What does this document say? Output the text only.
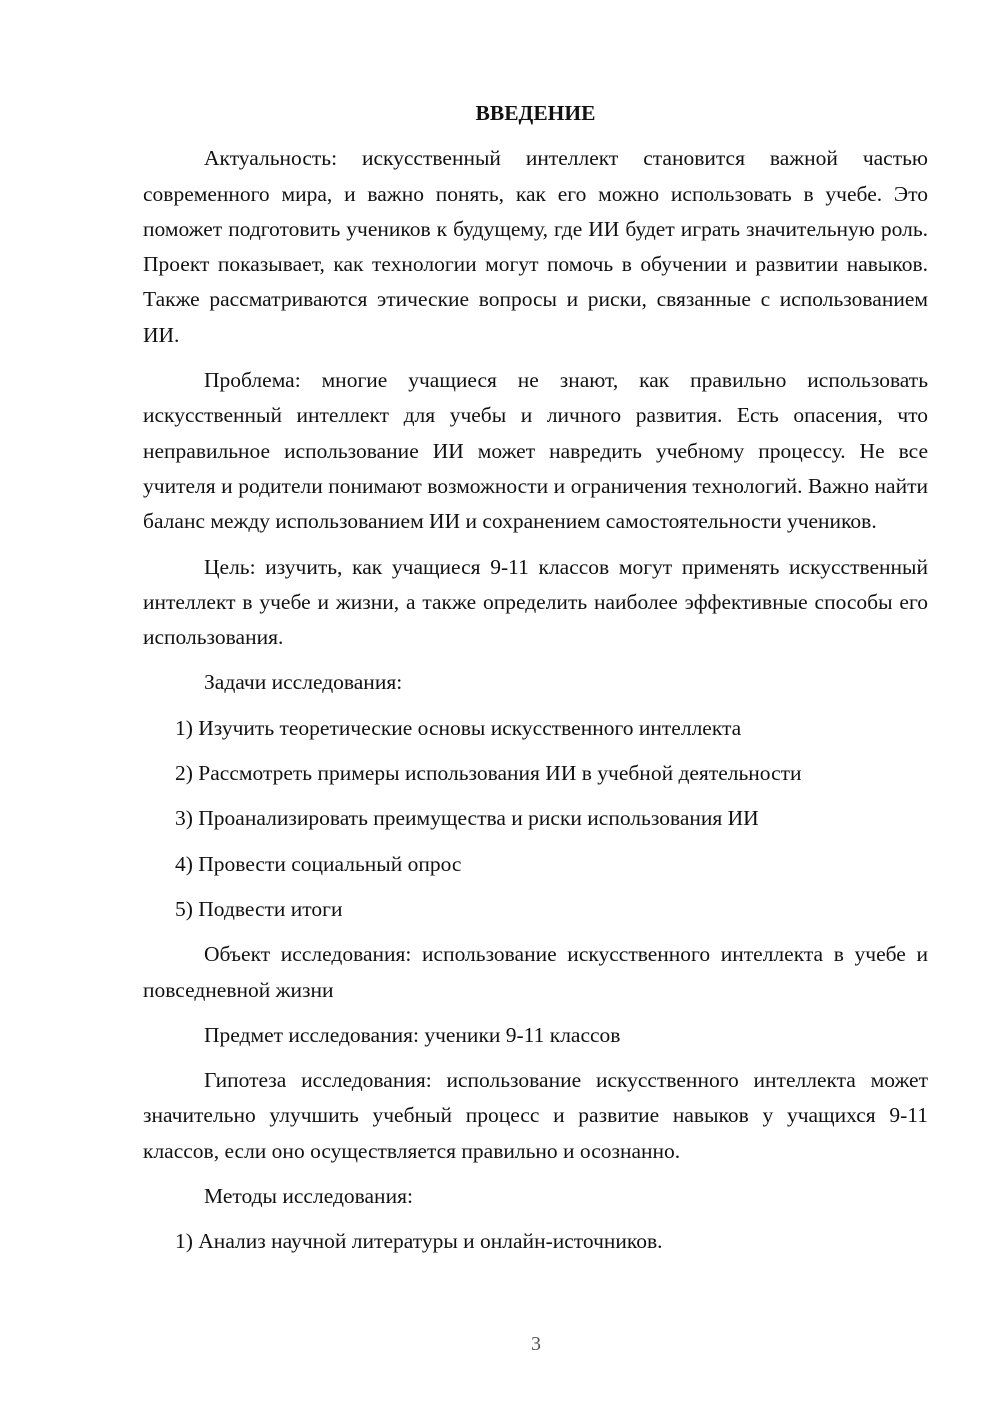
ВВЕДЕНИЕ
Актуальность: искусственный интеллект становится важной частью современного мира, и важно понять, как его можно использовать в учебе. Это поможет подготовить учеников к будущему, где ИИ будет играть значительную роль. Проект показывает, как технологии могут помочь в обучении и развитии навыков. Также рассматриваются этические вопросы и риски, связанные с использованием ИИ.
Проблема: многие учащиеся не знают, как правильно использовать искусственный интеллект для учебы и личного развития. Есть опасения, что неправильное использование ИИ может навредить учебному процессу. Не все учителя и родители понимают возможности и ограничения технологий. Важно найти баланс между использованием ИИ и сохранением самостоятельности учеников.
Цель: изучить, как учащиеся 9-11 классов могут применять искусственный интеллект в учебе и жизни, а также определить наиболее эффективные способы его использования.
Задачи исследования:
1) Изучить теоретические основы искусственного интеллекта
2) Рассмотреть примеры использования ИИ в учебной деятельности
3) Проанализировать преимущества и риски использования ИИ
4) Провести социальный опрос
5) Подвести итоги
Объект исследования: использование искусственного интеллекта в учебе и повседневной жизни
Предмет исследования: ученики 9-11 классов
Гипотеза исследования: использование искусственного интеллекта может значительно улучшить учебный процесс и развитие навыков у учащихся 9-11 классов, если оно осуществляется правильно и осознанно.
Методы исследования:
1) Анализ научной литературы и онлайн-источников.
3
